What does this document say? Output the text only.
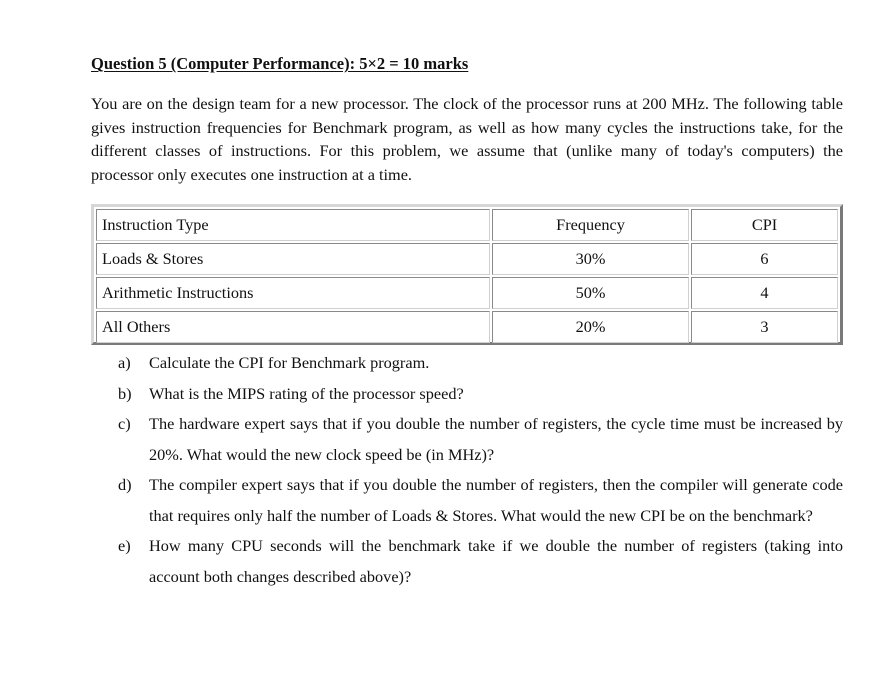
Question 5 (Computer Performance): 5×2 = 10 marks
You are on the design team for a new processor. The clock of the processor runs at 200 MHz. The following table gives instruction frequencies for Benchmark program, as well as how many cycles the instructions take, for the different classes of instructions. For this problem, we assume that (unlike many of today's computers) the processor only executes one instruction at a time.
Instruction Type	Frequency	CPI
Loads & Stores	30%	6
Arithmetic Instructions	50%	4
All Others	20%	3
a) Calculate the CPI for Benchmark program.
b) What is the MIPS rating of the processor speed?
c) The hardware expert says that if you double the number of registers, the cycle time must be increased by 20%. What would the new clock speed be (in MHz)?
d) The compiler expert says that if you double the number of registers, then the compiler will generate code that requires only half the number of Loads & Stores. What would the new CPI be on the benchmark?
e) How many CPU seconds will the benchmark take if we double the number of registers (taking into account both changes described above)?
